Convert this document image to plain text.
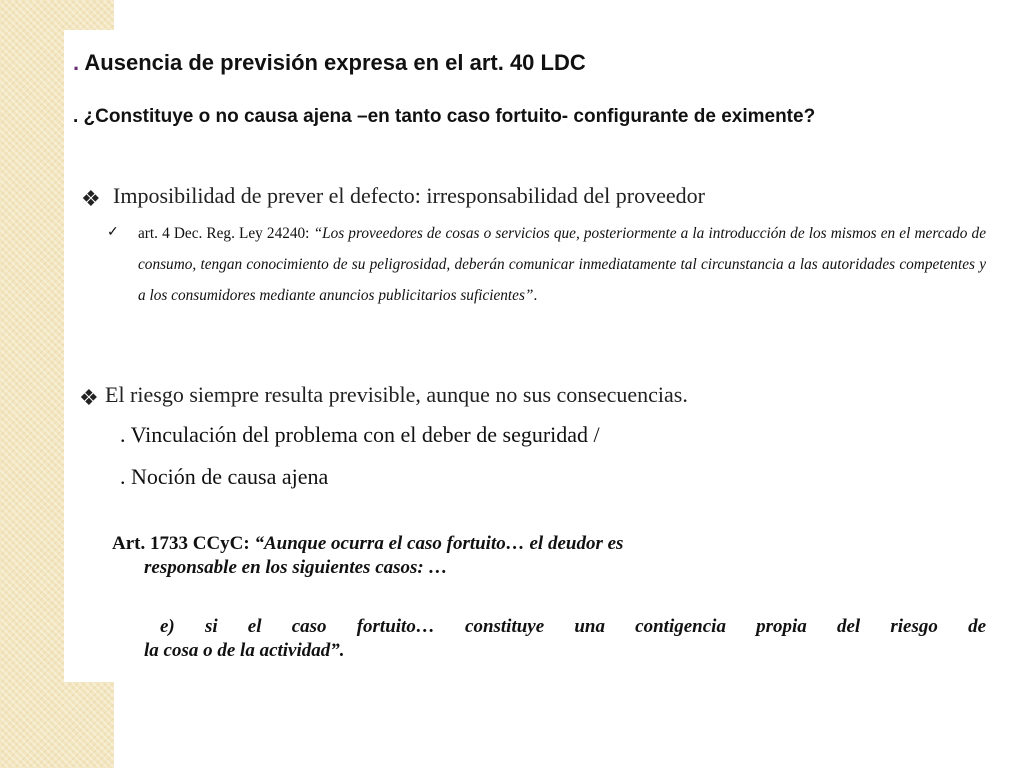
. Ausencia de previsión expresa en el art. 40 LDC
. ¿Constituye o no causa ajena –en tanto caso fortuito- configurante de eximente?
❖ Imposibilidad de prever el defecto: irresponsabilidad del proveedor
✓ art. 4 Dec. Reg. Ley 24240: “Los proveedores de cosas o servicios que, posteriormente a la introducción de los mismos en el mercado de consumo, tengan conocimiento de su peligrosidad, deberán comunicar inmediatamente tal circunstancia a las autoridades competentes y a los consumidores mediante anuncios publicitarios suficientes”.
❖ El riesgo siempre resulta previsible, aunque no sus consecuencias.
. Vinculación del problema con el deber de seguridad /
. Noción de causa ajena
Art. 1733 CCyC: “Aunque ocurra el caso fortuito… el deudor es
responsable en los siguientes casos: …
e) si el caso fortuito… constituye una contigencia propia del riesgo de
la cosa o de la actividad”.
